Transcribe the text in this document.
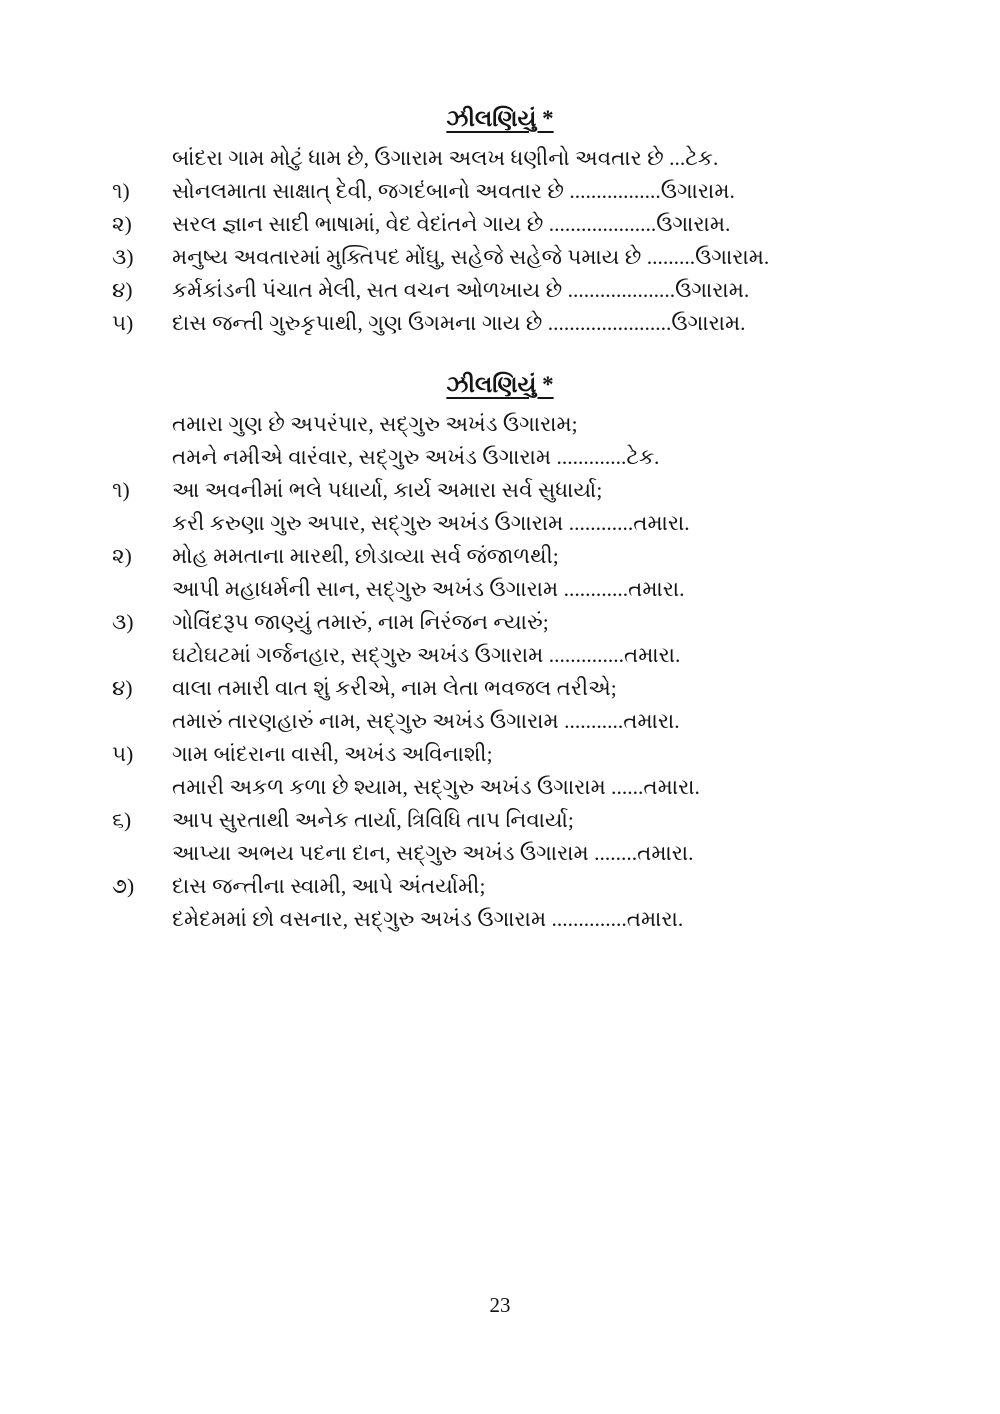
ઝીલણિયું *

બાંદરા ગામ મોટું ધામ છે, ઉગારામ અલખ ધણીનો અવતાર છે ...ટેક.

૧)	સોનલમાતા સાક્ષાત્ દેવી, જગદંબાનો અવતાર છે .................ઉગારામ.

૨)	સરલ જ્ઞાન સાદી ભાષામાં, વેદ વેદાંતને ગાય છે ....................ઉગારામ.

૩)	મનુષ્ય અવતારમાં મુક્તિપદ મોંઘુ, સહેજે સહેજે પમાય છે .........ઉગારામ.

૪)	કર્મકાંડની પંચાત મેલી, સત વચન ઓળખાય છે ....................ઉગારામ.

૫)	દાસ જન્તી ગુરુકૃપાથી, ગુણ ઉગમના ગાય છે .......................ઉગારામ.

ઝીલણિયું *

તમારા ગુણ છે અપરંપાર, સદ્ગુરુ અખંડ ઉગારામ;

તમને નમીએ વારંવાર, સદ્ગુરુ અખંડ ઉગારામ .............ટેક.

૧)	આ અવનીમાં ભલે પધાર્યા, કાર્ય અમારા સર્વ સુધાર્યા;

કરી કરુણા ગુરુ અપાર, સદ્ગુરુ અખંડ ઉગારામ ............તમારા.

૨)	મોહ મમતાના મારથી, છોડાવ્યા સર્વ જંજાળથી;

આપી મહાધર્મની સાન, સદ્ગુરુ અખંડ ઉગારામ ............તમારા.

૩)	ગોવિંદરૂપ જાણ્યું તમારું, નામ નિરંજન ન્યારું;

ઘટોઘટમાં ગર્જનહાર, સદ્ગુરુ અખંડ ઉગારામ ..............તમારા.

૪)	વાલા તમારી વાત શું કરીએ, નામ લેતા ભવજલ તરીએ;

તમારું તારણહારું નામ, સદ્ગુરુ અખંડ ઉગારામ ...........તમારા.

૫)	ગામ બાંદરાના વાસી, અખંડ અવિનાશી;

તમારી અકળ કળા છે શ્યામ, સદ્ગુરુ અખંડ ઉગારામ ......તમારા.

૬)	આપ સુરતાથી અનેક તાર્યા, ત્રિવિધિ તાપ નિવાર્યા;

આપ્યા અભય પદના દાન, સદ્ગુરુ અખંડ ઉગારામ ........તમારા.

૭)	દાસ જન્તીના સ્વામી, આપે અંતર્યામી;

દમેદમમાં છો વસનાર, સદ્ગુરુ અખંડ ઉગારામ ..............તમારા.

23
